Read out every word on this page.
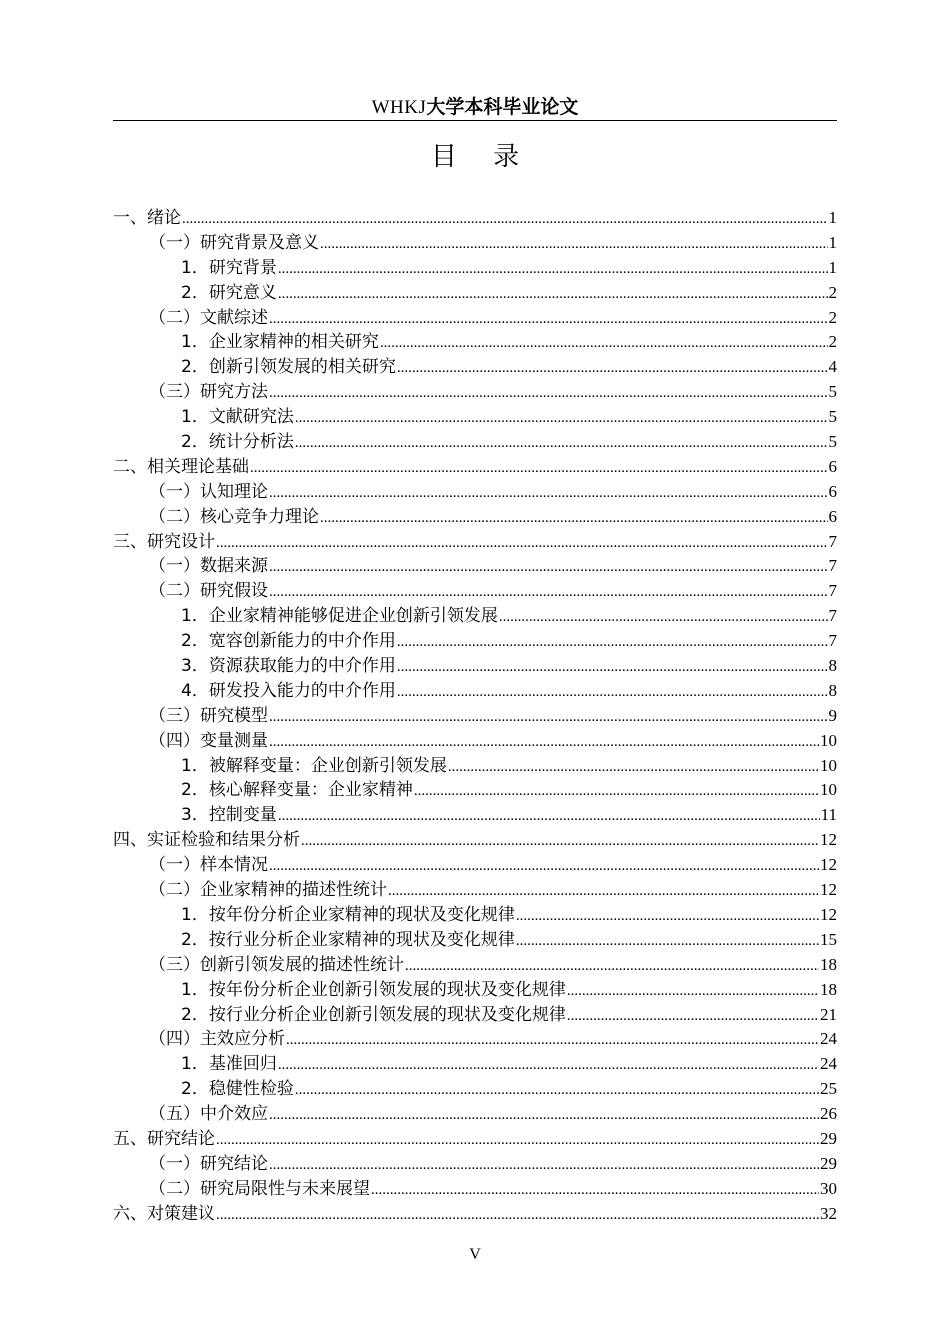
WHKJ大学本科毕业论文
目 录
一、绪论 .....	1
（一）研究背景及意义 .....	1
1．研究背景 .....	1
2．研究意义 .....	2
（二）文献综述 .....	2
1．企业家精神的相关研究 .....	2
2．创新引领发展的相关研究 .....	4
（三）研究方法 .....	5
1．文献研究法 .....	5
2．统计分析法 .....	5
二、相关理论基础 .....	6
（一）认知理论 .....	6
（二）核心竞争力理论 .....	6
三、研究设计 .....	7
（一）数据来源 .....	7
（二）研究假设 .....	7
1．企业家精神能够促进企业创新引领发展 .....	7
2．宽容创新能力的中介作用 .....	7
3．资源获取能力的中介作用 .....	8
4．研发投入能力的中介作用 .....	8
（三）研究模型 .....	9
（四）变量测量 .....	10
1．被解释变量：企业创新引领发展 .....	10
2．核心解释变量：企业家精神 .....	10
3．控制变量 .....	11
四、实证检验和结果分析 .....	12
（一）样本情况 .....	12
（二）企业家精神的描述性统计 .....	12
1．按年份分析企业家精神的现状及变化规律 .....	12
2．按行业分析企业家精神的现状及变化规律 .....	15
（三）创新引领发展的描述性统计 .....	18
1．按年份分析企业创新引领发展的现状及变化规律 .....	18
2．按行业分析企业创新引领发展的现状及变化规律 .....	21
（四）主效应分析 .....	24
1．基准回归 .....	24
2．稳健性检验 .....	25
（五）中介效应 .....	26
五、研究结论 .....	29
（一）研究结论 .....	29
（二）研究局限性与未来展望 .....	30
六、对策建议 .....	32
V
